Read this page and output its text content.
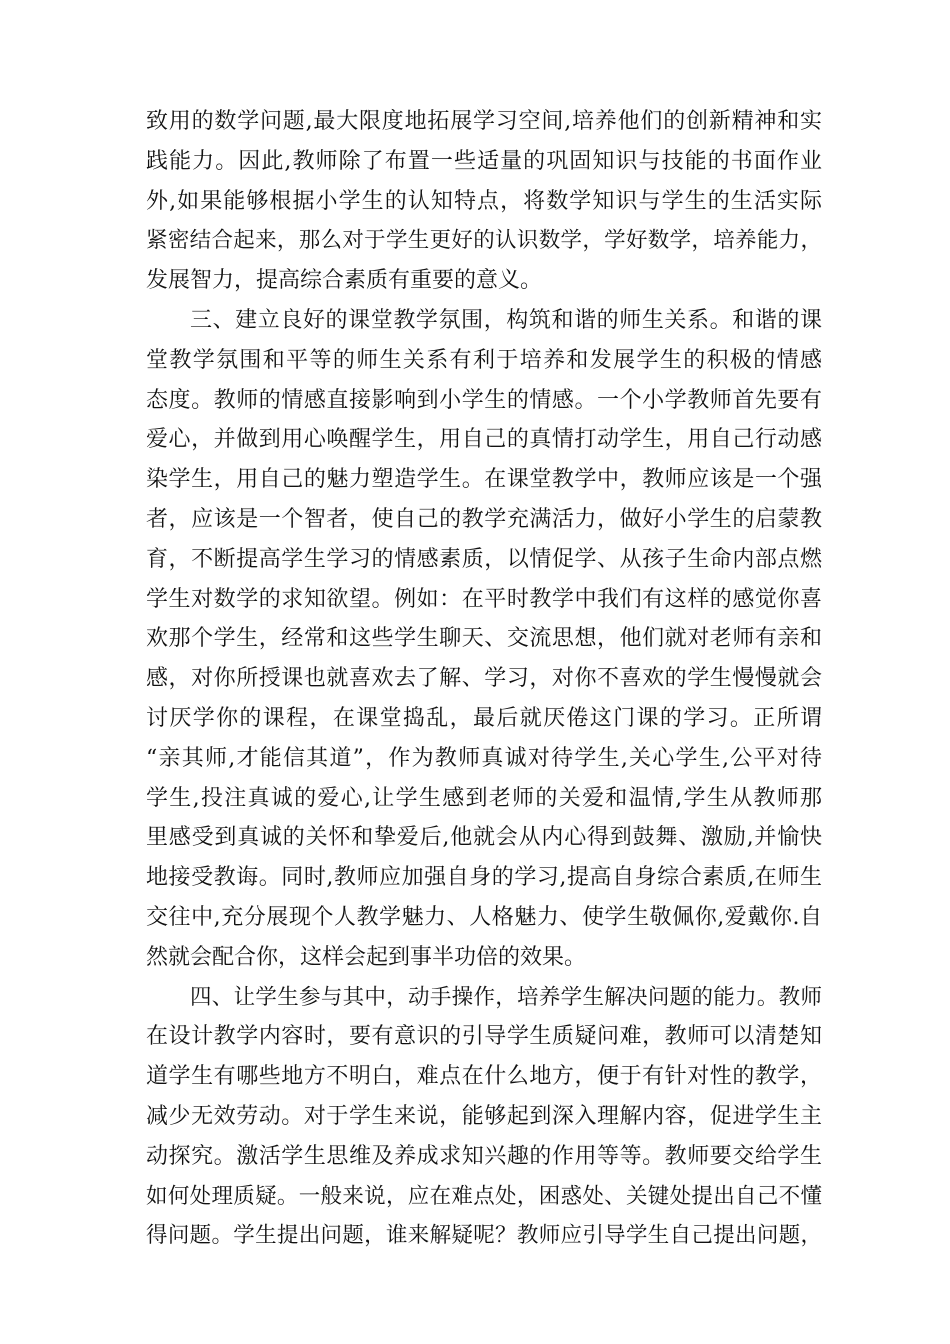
致用的数学问题,最大限度地拓展学习空间,培养他们的创新精神和实
践能力。因此,教师除了布置一些适量的巩固知识与技能的书面作业
外,如果能够根据小学生的认知特点，将数学知识与学生的生活实际
紧密结合起来，那么对于学生更好的认识数学，学好数学，培养能力，
发展智力，提高综合素质有重要的意义。
三、建立良好的课堂教学氛围，构筑和谐的师生关系。和谐的课
堂教学氛围和平等的师生关系有利于培养和发展学生的积极的情感
态度。教师的情感直接影响到小学生的情感。一个小学教师首先要有
爱心，并做到用心唤醒学生，用自己的真情打动学生，用自己行动感
染学生，用自己的魅力塑造学生。在课堂教学中，教师应该是一个强
者，应该是一个智者，使自己的教学充满活力，做好小学生的启蒙教
育，不断提高学生学习的情感素质，以情促学、从孩子生命内部点燃
学生对数学的求知欲望。例如：在平时教学中我们有这样的感觉你喜
欢那个学生，经常和这些学生聊天、交流思想，他们就对老师有亲和
感，对你所授课也就喜欢去了解、学习，对你不喜欢的学生慢慢就会
讨厌学你的课程，在课堂捣乱，最后就厌倦这门课的学习。正所谓
“亲其师,才能信其道”，作为教师真诚对待学生,关心学生,公平对待
学生,投注真诚的爱心,让学生感到老师的关爱和温情,学生从教师那
里感受到真诚的关怀和挚爱后,他就会从内心得到鼓舞、激励,并愉快
地接受教诲。同时,教师应加强自身的学习,提高自身综合素质,在师生
交往中,充分展现个人教学魅力、人格魅力、使学生敬佩你,爱戴你.自
然就会配合你，这样会起到事半功倍的效果。
四、让学生参与其中，动手操作，培养学生解决问题的能力。教师
在设计教学内容时，要有意识的引导学生质疑问难，教师可以清楚知
道学生有哪些地方不明白，难点在什么地方，便于有针对性的教学，
减少无效劳动。对于学生来说，能够起到深入理解内容，促进学生主
动探究。激活学生思维及养成求知兴趣的作用等等。教师要交给学生
如何处理质疑。一般来说，应在难点处，困惑处、关键处提出自己不懂
得问题。学生提出问题，谁来解疑呢？教师应引导学生自己提出问题，
